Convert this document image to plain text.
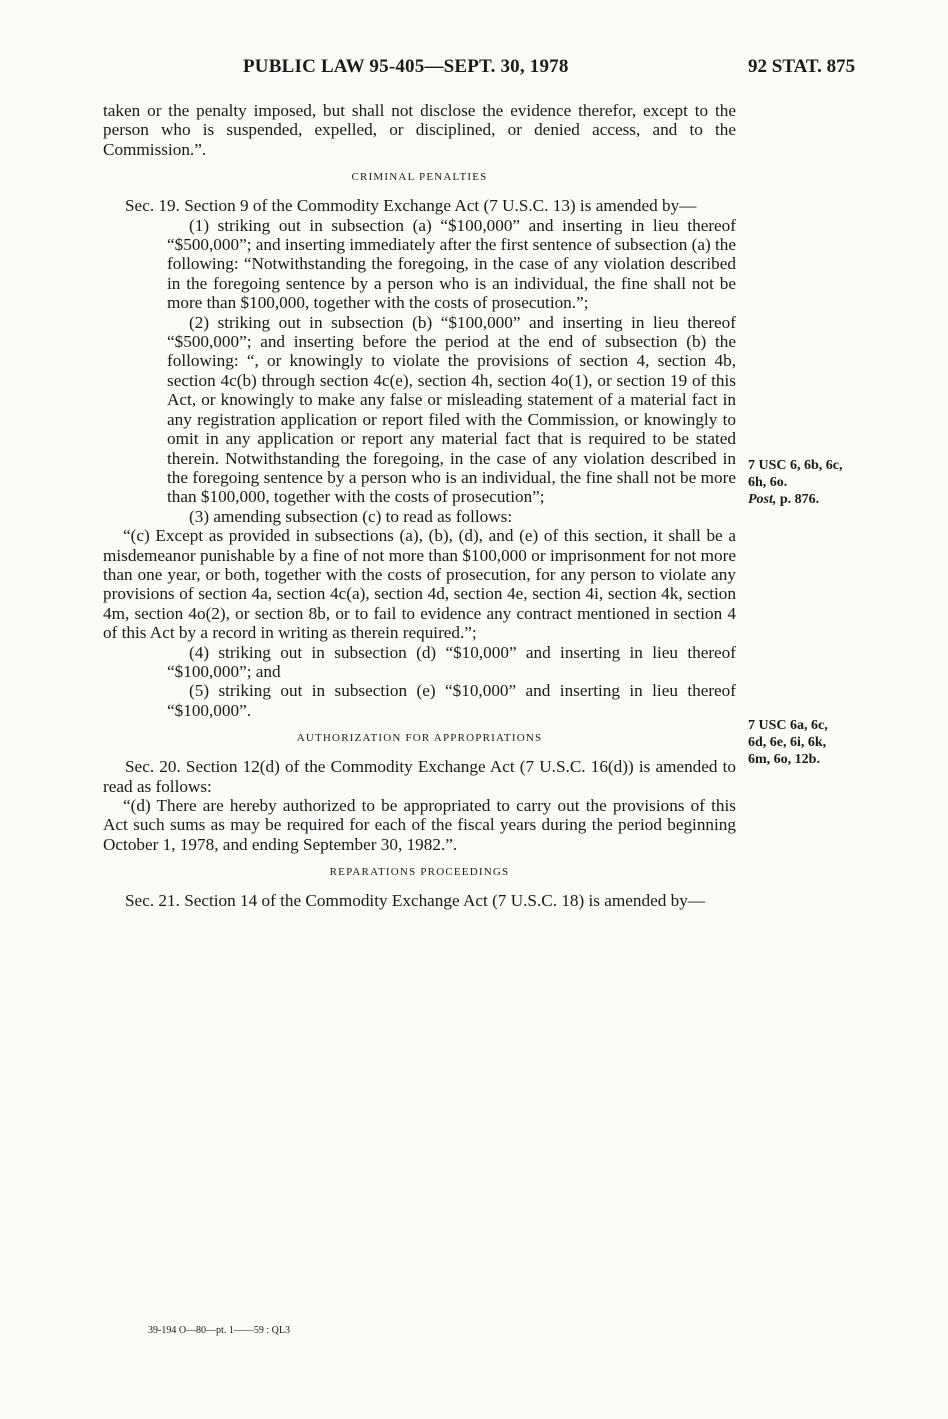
PUBLIC LAW 95-405—SEPT. 30, 1978	92 STAT. 875

taken or the penalty imposed, but shall not disclose the evidence therefor, except to the person who is suspended, expelled, or disciplined, or denied access, and to the Commission.”.

CRIMINAL PENALTIES

Sec. 19. Section 9 of the Commodity Exchange Act (7 U.S.C. 13) is amended by—

(1) striking out in subsection (a) “$100,000” and inserting in lieu thereof “$500,000”; and inserting immediately after the first sentence of subsection (a) the following: “Notwithstanding the foregoing, in the case of any violation described in the foregoing sentence by a person who is an individual, the fine shall not be more than $100,000, together with the costs of prosecution.”;

(2) striking out in subsection (b) “$100,000” and inserting in lieu thereof “$500,000”; and inserting before the period at the end of subsection (b) the following: “, or knowingly to violate the provisions of section 4, section 4b, section 4c(b) through section 4c(e), section 4h, section 4o(1), or section 19 of this Act, or knowingly to make any false or misleading statement of a material fact in any registration application or report filed with the Commission, or knowingly to omit in any application or report any material fact that is required to be stated therein. Notwithstanding the foregoing, in the case of any violation described in the foregoing sentence by a person who is an individual, the fine shall not be more than $100,000, together with the costs of prosecution”;

(3) amending subsection (c) to read as follows:

“(c) Except as provided in subsections (a), (b), (d), and (e) of this section, it shall be a misdemeanor punishable by a fine of not more than $100,000 or imprisonment for not more than one year, or both, together with the costs of prosecution, for any person to violate any provisions of section 4a, section 4c(a), section 4d, section 4e, section 4i, section 4k, section 4m, section 4o(2), or section 8b, or to fail to evidence any contract mentioned in section 4 of this Act by a record in writing as therein required.”;

(4) striking out in subsection (d) “$10,000” and inserting in lieu thereof “$100,000”; and

(5) striking out in subsection (e) “$10,000” and inserting in lieu thereof “$100,000”.

AUTHORIZATION FOR APPROPRIATIONS

Sec. 20. Section 12(d) of the Commodity Exchange Act (7 U.S.C. 16(d)) is amended to read as follows:

“(d) There are hereby authorized to be appropriated to carry out the provisions of this Act such sums as may be required for each of the fiscal years during the period beginning October 1, 1978, and ending September 30, 1982.”.

REPARATIONS PROCEEDINGS

Sec. 21. Section 14 of the Commodity Exchange Act (7 U.S.C. 18) is amended by—

7 USC 6, 6b, 6c,
6h, 6o.
Post, p. 876.
7 USC 6a, 6c,
6d, 6e, 6i, 6k,
6m, 6o, 12b.
39-194 O—80—pt. 1——59 : QL3
